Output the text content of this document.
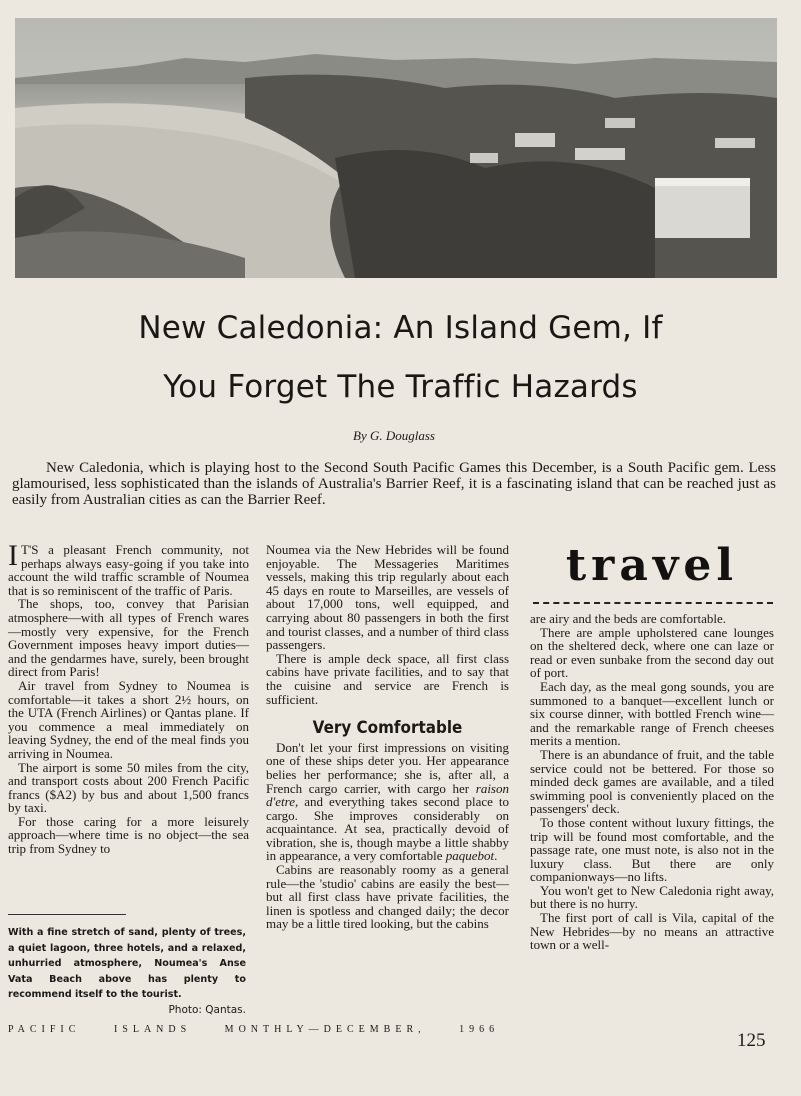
New Caledonia: An Island Gem, If
You Forget The Traffic Hazards
By G. Douglass

New Caledonia, which is playing host to the Second South Pacific Games this December, is a South Pacific gem. Less glamourised, less sophisticated than the islands of Australia's Barrier Reef, it is a fascinating island that can be reached just as easily from Australian cities as can the Barrier Reef.

I T'S a pleasant French community, not perhaps always easy-going if you take into account the wild traffic scramble of Noumea that is so reminiscent of the traffic of Paris.

The shops, too, convey that Parisian atmosphere—with all types of French wares—mostly very expensive, for the French Government imposes heavy import duties—and the gendarmes have, surely, been brought direct from Paris!

Air travel from Sydney to Noumea is comfortable—it takes a short 2½ hours, on the UTA (French Airlines) or Qantas plane. If you commence a meal immediately on leaving Sydney, the end of the meal finds you arriving in Noumea.

The airport is some 50 miles from the city, and transport costs about 200 French Pacific francs ($A2) by bus and about 1,500 francs by taxi.

For those caring for a more leisurely approach—where time is no object—the sea trip from Sydney to

With a fine stretch of sand, plenty of trees, a quiet lagoon, three hotels, and a relaxed, unhurried atmosphere, Noumea's Anse Vata Beach above has plenty to recommend itself to the tourist.
Photo: Qantas.

Noumea via the New Hebrides will be found enjoyable. The Messageries Maritimes vessels, making this trip regularly about each 45 days en route to Marseilles, are vessels of about 17,000 tons, well equipped, and carrying about 80 passengers in both the first and tourist classes, and a number of third class passengers.

There is ample deck space, all first class cabins have private facilities, and to say that the cuisine and service are French is sufficient.

Very Comfortable

Don't let your first impressions on visiting one of these ships deter you. Her appearance belies her performance; she is, after all, a French cargo carrier, with cargo her raison d'etre, and everything takes second place to cargo. She improves considerably on acquaintance. At sea, practically devoid of vibration, she is, though maybe a little shabby in appearance, a very comfortable paquebot.

Cabins are reasonably roomy as a general rule—the 'studio' cabins are easily the best—but all first class have private facilities, the linen is spotless and changed daily; the decor may be a little tired looking, but the cabins

travel

are airy and the beds are comfortable.

There are ample upholstered cane lounges on the sheltered deck, where one can laze or read or even sunbake from the second day out of port.

Each day, as the meal gong sounds, you are summoned to a banquet—excellent lunch or six course dinner, with bottled French wine—and the remarkable range of French cheeses merits a mention.

There is an abundance of fruit, and the table service could not be bettered. For those so minded deck games are available, and a tiled swimming pool is conveniently placed on the passengers' deck.

To those content without luxury fittings, the trip will be found most comfortable, and the passage rate, one must note, is also not in the luxury class. But there are only companionways—no lifts.

You won't get to New Caledonia right away, but there is no hurry.

The first port of call is Vila, capital of the New Hebrides—by no means an attractive town or a well-

PACIFIC	ISLANDS	MONTHLY—DECEMBER,	1966
125
